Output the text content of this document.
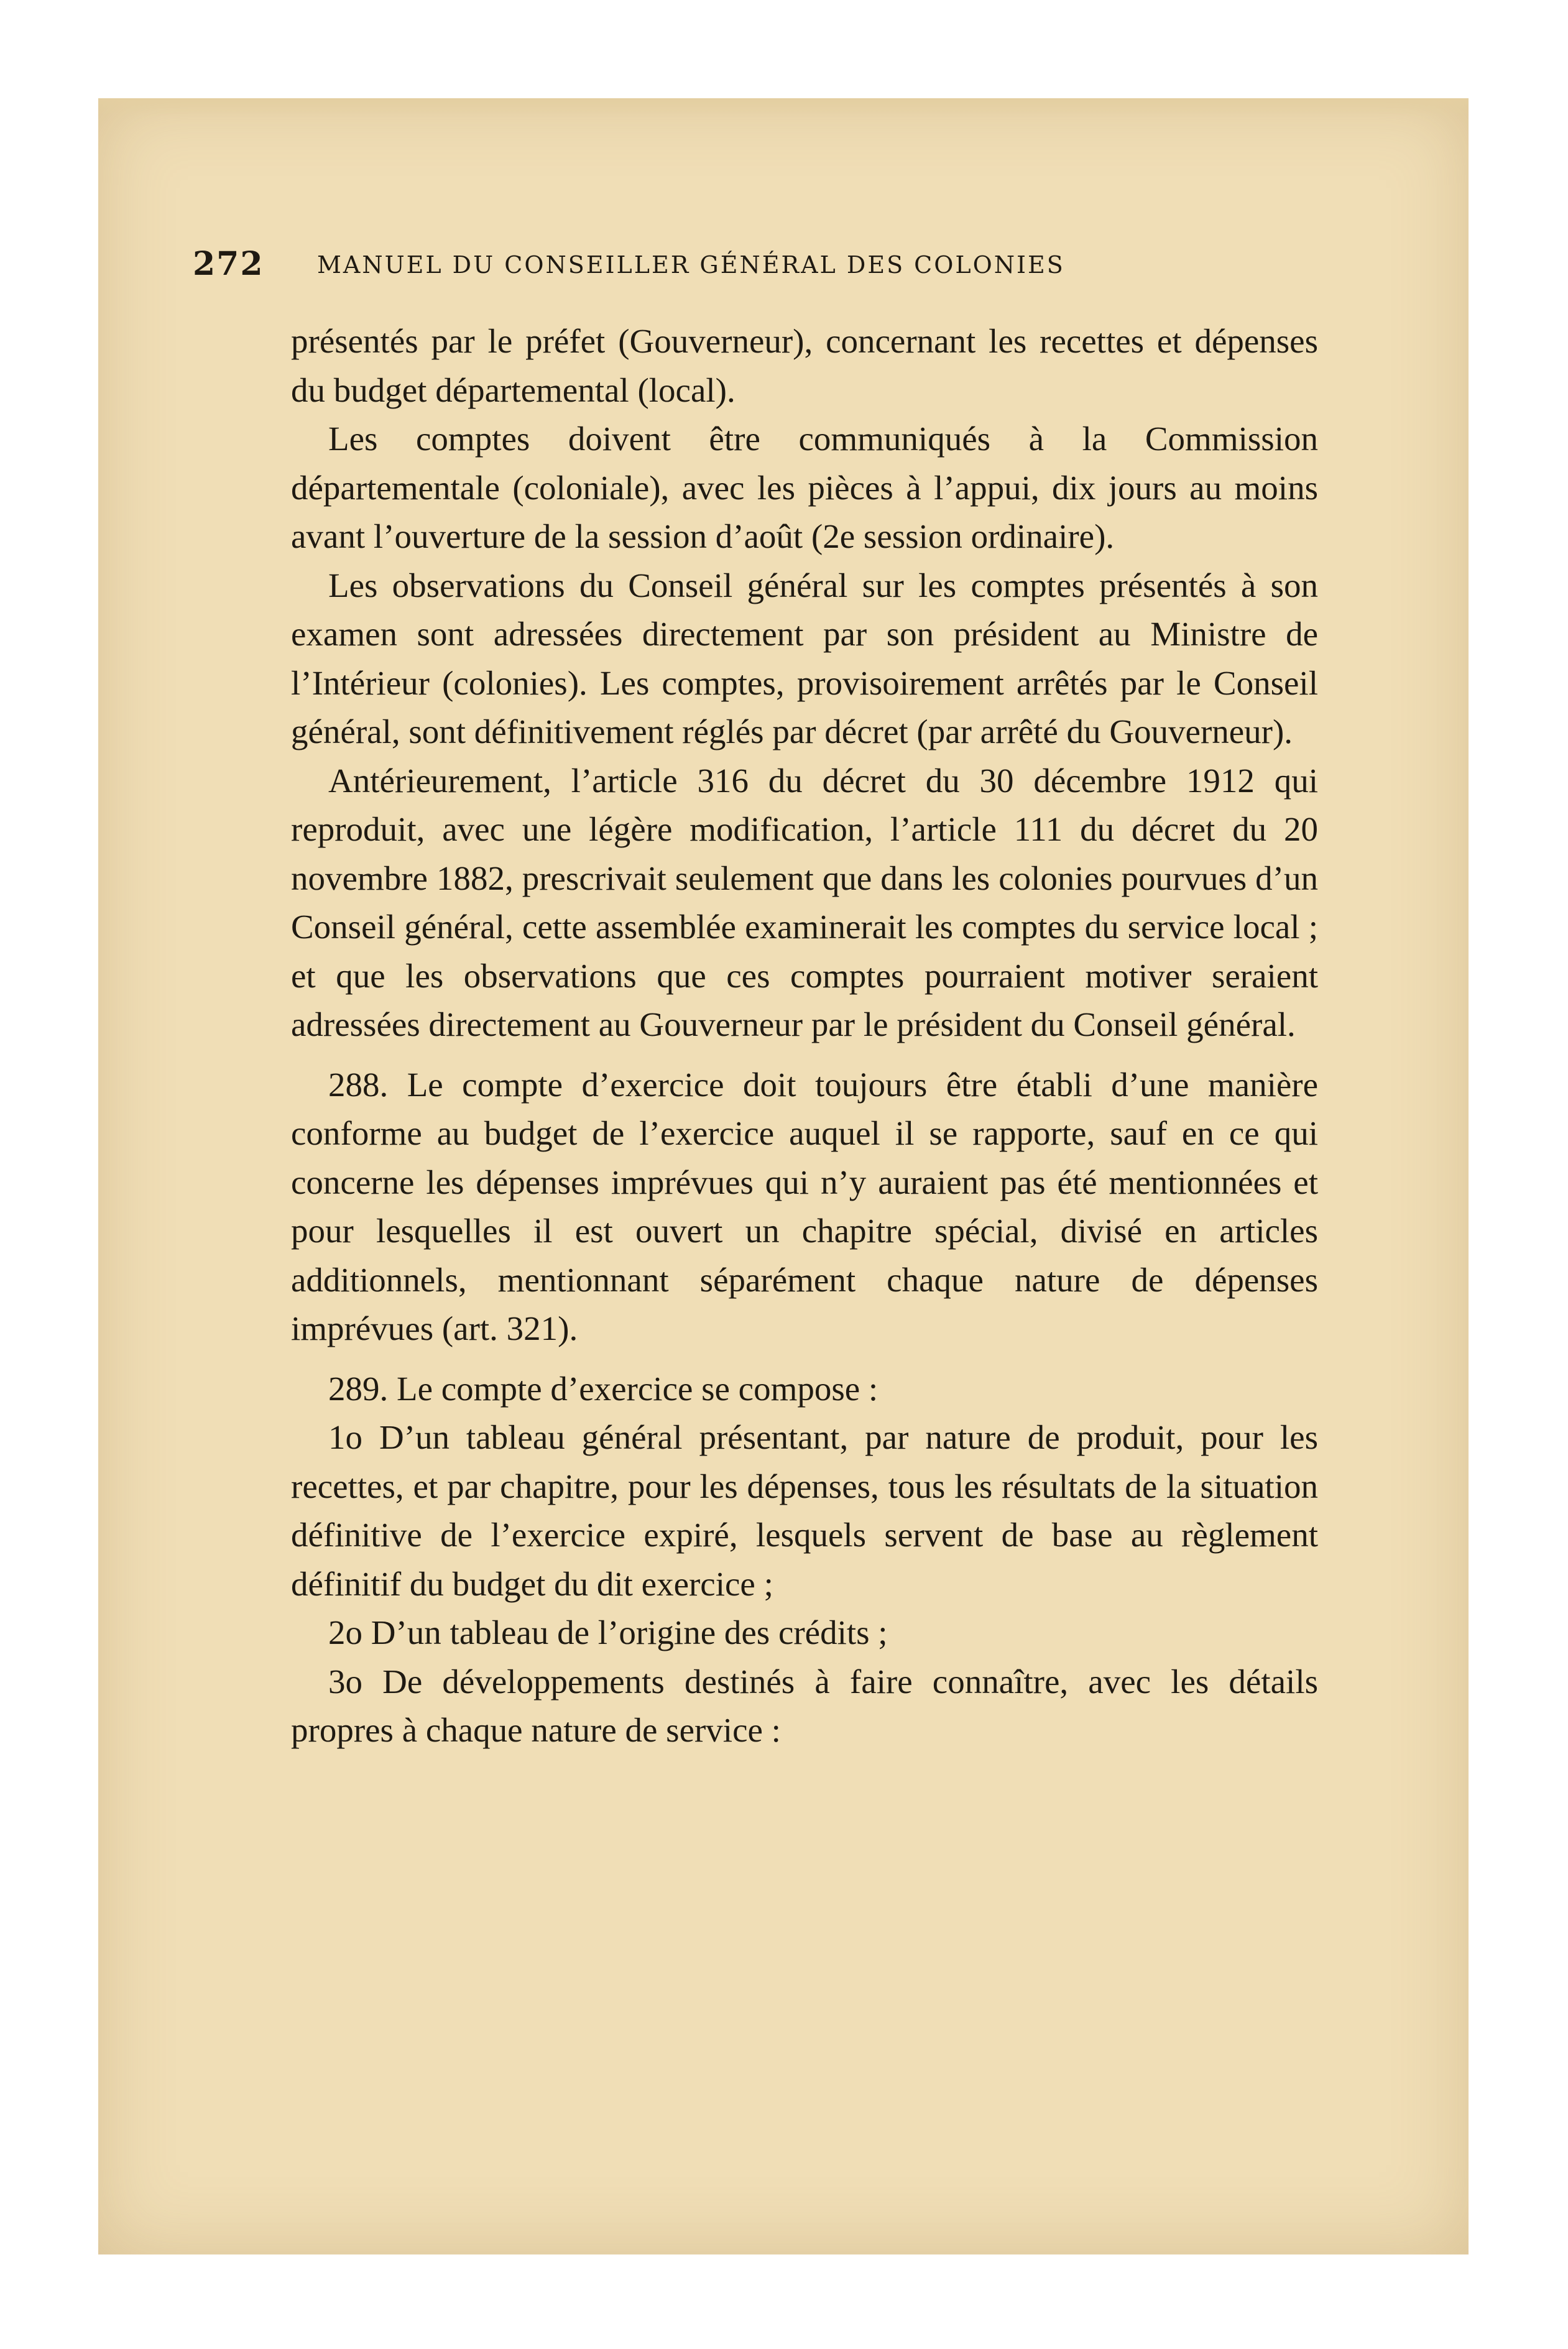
272 MANUEL DU CONSEILLER GÉNÉRAL DES COLONIES

présentés par le préfet (Gouverneur), concernant les recettes et dépenses du budget départemental (local).

Les comptes doivent être communiqués à la Commission départementale (coloniale), avec les pièces à l’appui, dix jours au moins avant l’ouverture de la session d’août (2e session ordinaire).

Les observations du Conseil général sur les comptes présentés à son examen sont adressées directement par son président au Ministre de l’Intérieur (colonies). Les comptes, provisoirement arrêtés par le Conseil général, sont définitivement réglés par décret (par arrêté du Gouverneur).

Antérieurement, l’article 316 du décret du 30 décembre 1912 qui reproduit, avec une légère modification, l’article 111 du décret du 20 novembre 1882, prescrivait seulement que dans les colonies pourvues d’un Conseil général, cette assemblée examinerait les comptes du service local ; et que les observations que ces comptes pourraient motiver seraient adressées directement au Gouverneur par le président du Conseil général.

288. Le compte d’exercice doit toujours être établi d’une manière conforme au budget de l’exercice auquel il se rapporte, sauf en ce qui concerne les dépenses imprévues qui n’y auraient pas été mentionnées et pour lesquelles il est ouvert un chapitre spécial, divisé en articles additionnels, mentionnant séparément chaque nature de dépenses imprévues (art. 321).

289. Le compte d’exercice se compose :

1o D’un tableau général présentant, par nature de produit, pour les recettes, et par chapitre, pour les dépenses, tous les résultats de la situation définitive de l’exercice expiré, lesquels servent de base au règlement définitif du budget du dit exercice ;

2o D’un tableau de l’origine des crédits ;

3o De développements destinés à faire connaître, avec les détails propres à chaque nature de service :
